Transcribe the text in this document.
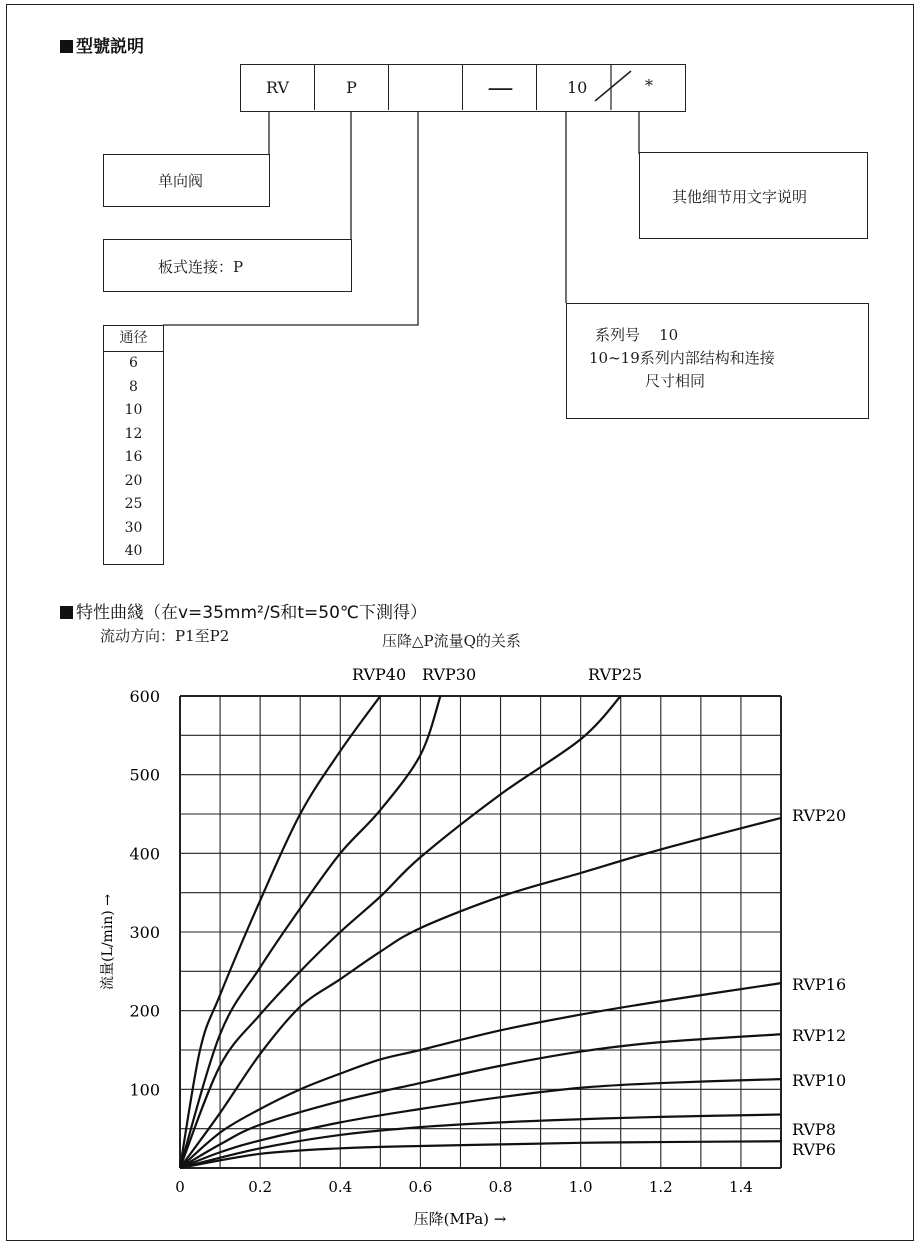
型號説明
RV	P	—	10	*
单向阀
板式连接：P
通径
6
8
10
12
16
20
25
30
40
其他细节用文字说明
系列号    10
10~19系列内部结构和连接
尺寸相同
特性曲綫（在v=35mm²/S和t=50℃下測得）
流动方向：P1至P2	压降△P流量Q的关系
0	0.2	0.4	0.6	0.8	1.0	1.2	1.4
100
200
300
400
500
600
压降(MPa) →
流量(L/min) →
RVP40 RVP30	RVP25
RVP20
RVP16
RVP12
RVP10
RVP8
RVP6
